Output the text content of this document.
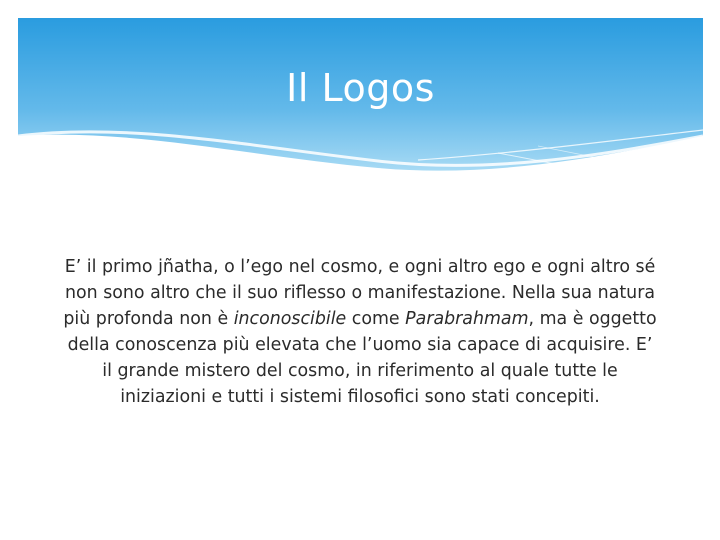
Il Logos

E’ il primo jñatha, o l’ego nel cosmo, e ogni altro ego e ogni altro sé non sono altro che il suo riflesso o manifestazione. Nella sua natura più profonda non è inconoscibile come Parabrahmam, ma è oggetto della conoscenza più elevata che l’uomo sia capace di acquisire. E’ il grande mistero del cosmo, in riferimento al quale tutte le iniziazioni e tutti i sistemi filosofici sono stati concepiti.
